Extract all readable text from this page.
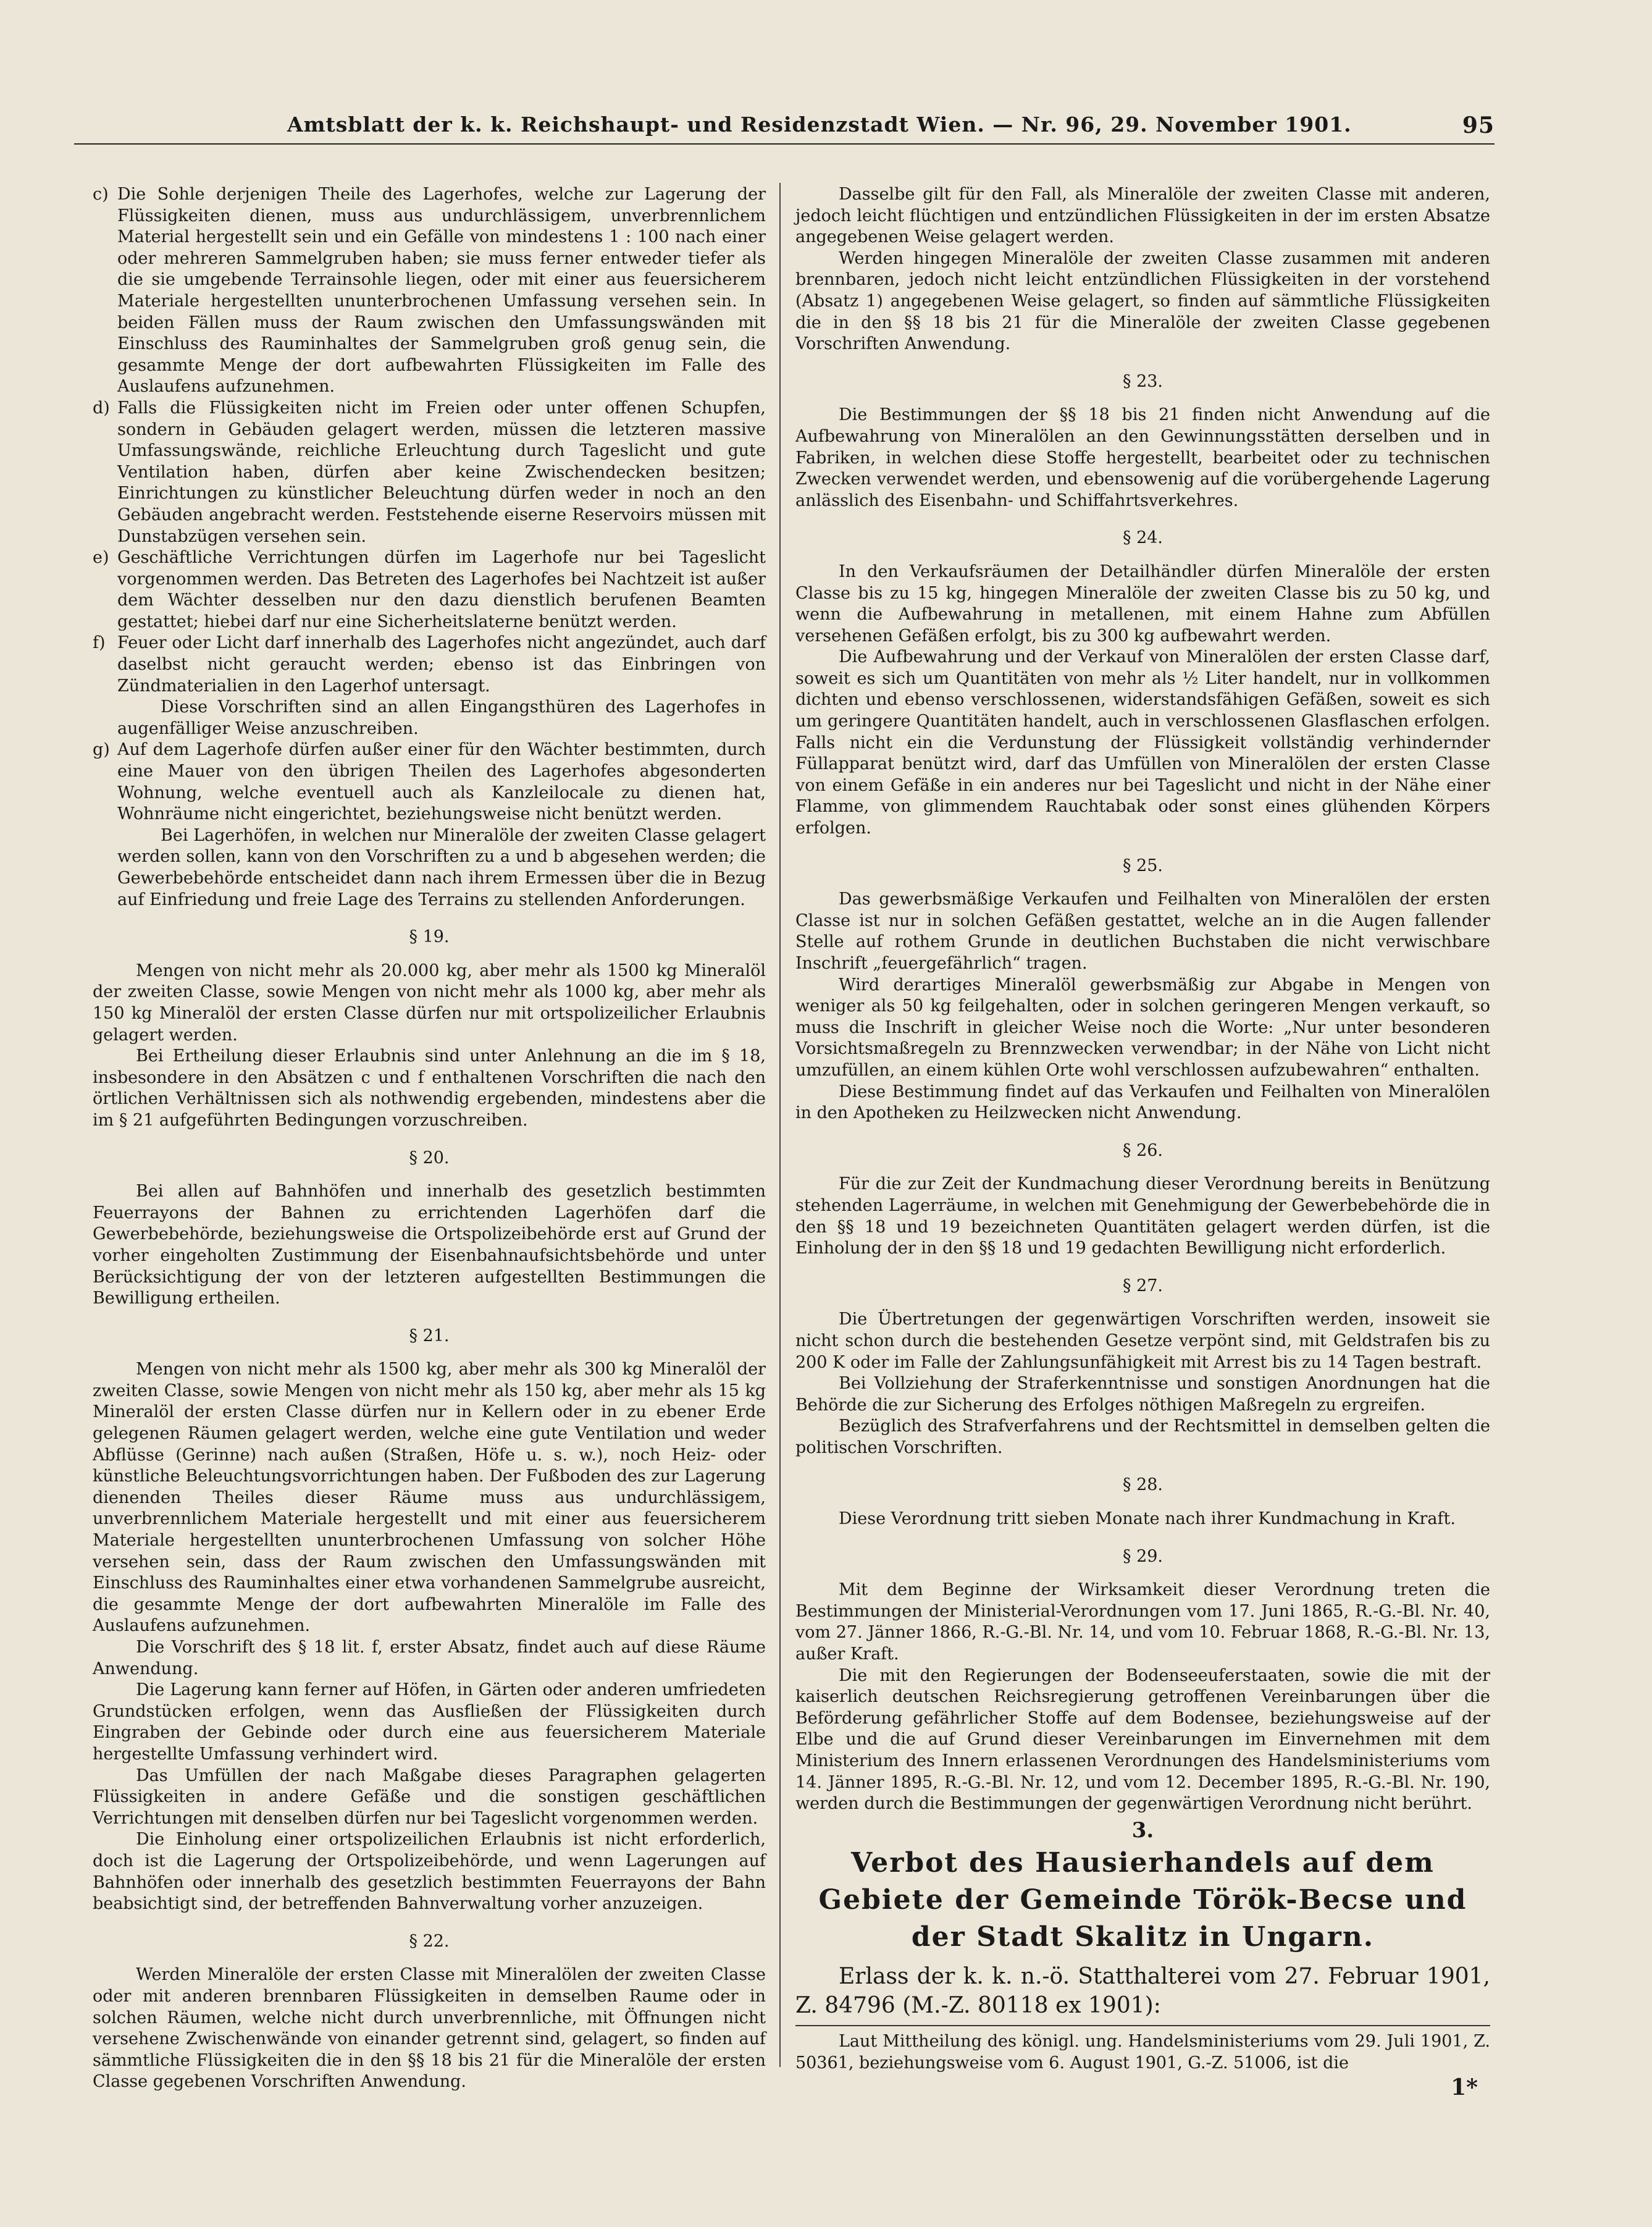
Amtsblatt der k. k. Reichshaupt- und Residenzstadt Wien. — Nr. 96, 29. November 1901.	95
c) Die Sohle derjenigen Theile des Lagerhofes, welche zur Lagerung der Flüssigkeiten dienen, muss aus undurchlässigem, unverbrennlichem Material hergestellt sein und ein Gefälle von mindestens 1 : 100 nach einer oder mehreren Sammelgruben haben; sie muss ferner entweder tiefer als die sie umgebende Terrainsohle liegen, oder mit einer aus feuersicherem Materiale hergestellten ununterbrochenen Umfassung versehen sein. In beiden Fällen muss der Raum zwischen den Umfassungswänden mit Einschluss des Rauminhaltes der Sammelgruben groß genug sein, die gesammte Menge der dort aufbewahrten Flüssigkeiten im Falle des Auslaufens aufzunehmen.

d) Falls die Flüssigkeiten nicht im Freien oder unter offenen Schupfen, sondern in Gebäuden gelagert werden, müssen die letzteren massive Umfassungswände, reichliche Erleuchtung durch Tageslicht und gute Ventilation haben, dürfen aber keine Zwischendecken besitzen; Einrichtungen zu künstlicher Beleuchtung dürfen weder in noch an den Gebäuden angebracht werden. Feststehende eiserne Reservoirs müssen mit Dunstabzügen versehen sein.

e) Geschäftliche Verrichtungen dürfen im Lagerhofe nur bei Tageslicht vorgenommen werden. Das Betreten des Lagerhofes bei Nachtzeit ist außer dem Wächter desselben nur den dazu dienstlich berufenen Beamten gestattet; hiebei darf nur eine Sicherheitslaterne benützt werden.

f) Feuer oder Licht darf innerhalb des Lagerhofes nicht angezündet, auch darf daselbst nicht geraucht werden; ebenso ist das Einbringen von Zündmaterialien in den Lagerhof untersagt.

Diese Vorschriften sind an allen Eingangsthüren des Lagerhofes in augenfälliger Weise anzuschreiben.

g) Auf dem Lagerhofe dürfen außer einer für den Wächter bestimmten, durch eine Mauer von den übrigen Theilen des Lagerhofes abgesonderten Wohnung, welche eventuell auch als Kanzleilocale zu dienen hat, Wohnräume nicht eingerichtet, beziehungsweise nicht benützt werden.

Bei Lagerhöfen, in welchen nur Mineralöle der zweiten Classe gelagert werden sollen, kann von den Vorschriften zu a und b abgesehen werden; die Gewerbebehörde entscheidet dann nach ihrem Ermessen über die in Bezug auf Einfriedung und freie Lage des Terrains zu stellenden Anforderungen.

§ 19.

Mengen von nicht mehr als 20.000 kg, aber mehr als 1500 kg Mineralöl der zweiten Classe, sowie Mengen von nicht mehr als 1000 kg, aber mehr als 150 kg Mineralöl der ersten Classe dürfen nur mit ortspolizeilicher Erlaubnis gelagert werden.

Bei Ertheilung dieser Erlaubnis sind unter Anlehnung an die im § 18, insbesondere in den Absätzen c und f enthaltenen Vorschriften die nach den örtlichen Verhältnissen sich als nothwendig ergebenden, mindestens aber die im § 21 aufgeführten Bedingungen vorzuschreiben.

§ 20.

Bei allen auf Bahnhöfen und innerhalb des gesetzlich bestimmten Feuerrayons der Bahnen zu errichtenden Lagerhöfen darf die Gewerbebehörde, beziehungsweise die Ortspolizeibehörde erst auf Grund der vorher eingeholten Zustimmung der Eisenbahnaufsichtsbehörde und unter Berücksichtigung der von der letzteren aufgestellten Bestimmungen die Bewilligung ertheilen.

§ 21.

Mengen von nicht mehr als 1500 kg, aber mehr als 300 kg Mineralöl der zweiten Classe, sowie Mengen von nicht mehr als 150 kg, aber mehr als 15 kg Mineralöl der ersten Classe dürfen nur in Kellern oder in zu ebener Erde gelegenen Räumen gelagert werden, welche eine gute Ventilation und weder Abflüsse (Gerinne) nach außen (Straßen, Höfe u. s. w.), noch Heiz- oder künstliche Beleuchtungsvorrichtungen haben. Der Fußboden des zur Lagerung dienenden Theiles dieser Räume muss aus undurchlässigem, unverbrennlichem Materiale hergestellt und mit einer aus feuersicherem Materiale hergestellten ununterbrochenen Umfassung von solcher Höhe versehen sein, dass der Raum zwischen den Umfassungswänden mit Einschluss des Rauminhaltes einer etwa vorhandenen Sammelgrube ausreicht, die gesammte Menge der dort aufbewahrten Mineralöle im Falle des Auslaufens aufzunehmen.

Die Vorschrift des § 18 lit. f, erster Absatz, findet auch auf diese Räume Anwendung.

Die Lagerung kann ferner auf Höfen, in Gärten oder anderen umfriedeten Grundstücken erfolgen, wenn das Ausfließen der Flüssigkeiten durch Eingraben der Gebinde oder durch eine aus feuersicherem Materiale hergestellte Umfassung verhindert wird.

Das Umfüllen der nach Maßgabe dieses Paragraphen gelagerten Flüssigkeiten in andere Gefäße und die sonstigen geschäftlichen Verrichtungen mit denselben dürfen nur bei Tageslicht vorgenommen werden.

Die Einholung einer ortspolizeilichen Erlaubnis ist nicht erforderlich, doch ist die Lagerung der Ortspolizeibehörde, und wenn Lagerungen auf Bahnhöfen oder innerhalb des gesetzlich bestimmten Feuerrayons der Bahn beabsichtigt sind, der betreffenden Bahnverwaltung vorher anzuzeigen.

§ 22.

Werden Mineralöle der ersten Classe mit Mineralölen der zweiten Classe oder mit anderen brennbaren Flüssigkeiten in demselben Raume oder in solchen Räumen, welche nicht durch unverbrennliche, mit Öffnungen nicht versehene Zwischenwände von einander getrennt sind, gelagert, so finden auf sämmtliche Flüssigkeiten die in den §§ 18 bis 21 für die Mineralöle der ersten Classe gegebenen Vorschriften Anwendung.

Dasselbe gilt für den Fall, als Mineralöle der zweiten Classe mit anderen, jedoch leicht flüchtigen und entzündlichen Flüssigkeiten in der im ersten Absatze angegebenen Weise gelagert werden.

Werden hingegen Mineralöle der zweiten Classe zusammen mit anderen brennbaren, jedoch nicht leicht entzündlichen Flüssigkeiten in der vorstehend (Absatz 1) angegebenen Weise gelagert, so finden auf sämmtliche Flüssigkeiten die in den §§ 18 bis 21 für die Mineralöle der zweiten Classe gegebenen Vorschriften Anwendung.

§ 23.

Die Bestimmungen der §§ 18 bis 21 finden nicht Anwendung auf die Aufbewahrung von Mineralölen an den Gewinnungsstätten derselben und in Fabriken, in welchen diese Stoffe hergestellt, bearbeitet oder zu technischen Zwecken verwendet werden, und ebensowenig auf die vorübergehende Lagerung anlässlich des Eisenbahn- und Schiffahrtsverkehres.

§ 24.

In den Verkaufsräumen der Detailhändler dürfen Mineralöle der ersten Classe bis zu 15 kg, hingegen Mineralöle der zweiten Classe bis zu 50 kg, und wenn die Aufbewahrung in metallenen, mit einem Hahne zum Abfüllen versehenen Gefäßen erfolgt, bis zu 300 kg aufbewahrt werden.

Die Aufbewahrung und der Verkauf von Mineralölen der ersten Classe darf, soweit es sich um Quantitäten von mehr als ½ Liter handelt, nur in vollkommen dichten und ebenso verschlossenen, widerstandsfähigen Gefäßen, soweit es sich um geringere Quantitäten handelt, auch in verschlossenen Glasflaschen erfolgen. Falls nicht ein die Verdunstung der Flüssigkeit vollständig verhindernder Füllapparat benützt wird, darf das Umfüllen von Mineralölen der ersten Classe von einem Gefäße in ein anderes nur bei Tageslicht und nicht in der Nähe einer Flamme, von glimmendem Rauchtabak oder sonst eines glühenden Körpers erfolgen.

§ 25.

Das gewerbsmäßige Verkaufen und Feilhalten von Mineralölen der ersten Classe ist nur in solchen Gefäßen gestattet, welche an in die Augen fallender Stelle auf rothem Grunde in deutlichen Buchstaben die nicht verwischbare Inschrift „feuergefährlich“ tragen.

Wird derartiges Mineralöl gewerbsmäßig zur Abgabe in Mengen von weniger als 50 kg feilgehalten, oder in solchen geringeren Mengen verkauft, so muss die Inschrift in gleicher Weise noch die Worte: „Nur unter besonderen Vorsichtsmaßregeln zu Brennzwecken verwendbar; in der Nähe von Licht nicht umzufüllen, an einem kühlen Orte wohl verschlossen aufzubewahren“ enthalten.

Diese Bestimmung findet auf das Verkaufen und Feilhalten von Mineralölen in den Apotheken zu Heilzwecken nicht Anwendung.

§ 26.

Für die zur Zeit der Kundmachung dieser Verordnung bereits in Benützung stehenden Lagerräume, in welchen mit Genehmigung der Gewerbebehörde die in den §§ 18 und 19 bezeichneten Quantitäten gelagert werden dürfen, ist die Einholung der in den §§ 18 und 19 gedachten Bewilligung nicht erforderlich.

§ 27.

Die Übertretungen der gegenwärtigen Vorschriften werden, insoweit sie nicht schon durch die bestehenden Gesetze verpönt sind, mit Geldstrafen bis zu 200 K oder im Falle der Zahlungsunfähigkeit mit Arrest bis zu 14 Tagen bestraft.

Bei Vollziehung der Straferkenntnisse und sonstigen Anordnungen hat die Behörde die zur Sicherung des Erfolges nöthigen Maßregeln zu ergreifen.

Bezüglich des Strafverfahrens und der Rechtsmittel in demselben gelten die politischen Vorschriften.

§ 28.

Diese Verordnung tritt sieben Monate nach ihrer Kundmachung in Kraft.

§ 29.

Mit dem Beginne der Wirksamkeit dieser Verordnung treten die Bestimmungen der Ministerial-Verordnungen vom 17. Juni 1865, R.-G.-Bl. Nr. 40, vom 27. Jänner 1866, R.-G.-Bl. Nr. 14, und vom 10. Februar 1868, R.-G.-Bl. Nr. 13, außer Kraft.

Die mit den Regierungen der Bodenseeuferstaaten, sowie die mit der kaiserlich deutschen Reichsregierung getroffenen Vereinbarungen über die Beförderung gefährlicher Stoffe auf dem Bodensee, beziehungsweise auf der Elbe und die auf Grund dieser Vereinbarungen im Einvernehmen mit dem Ministerium des Innern erlassenen Verordnungen des Handelsministeriums vom 14. Jänner 1895, R.-G.-Bl. Nr. 12, und vom 12. December 1895, R.-G.-Bl. Nr. 190, werden durch die Bestimmungen der gegenwärtigen Verordnung nicht berührt.

3.
Verbot des Hausierhandels auf dem Gebiete der Gemeinde Török-Becse und der Stadt Skalitz in Ungarn.

Erlass der k. k. n.-ö. Statthalterei vom 27. Februar 1901, Z. 84796 (M.-Z. 80118 ex 1901):

Laut Mittheilung des königl. ung. Handelsministeriums vom 29. Juli 1901, Z. 50361, beziehungsweise vom 6. August 1901, G.-Z. 51006, ist die

1*
